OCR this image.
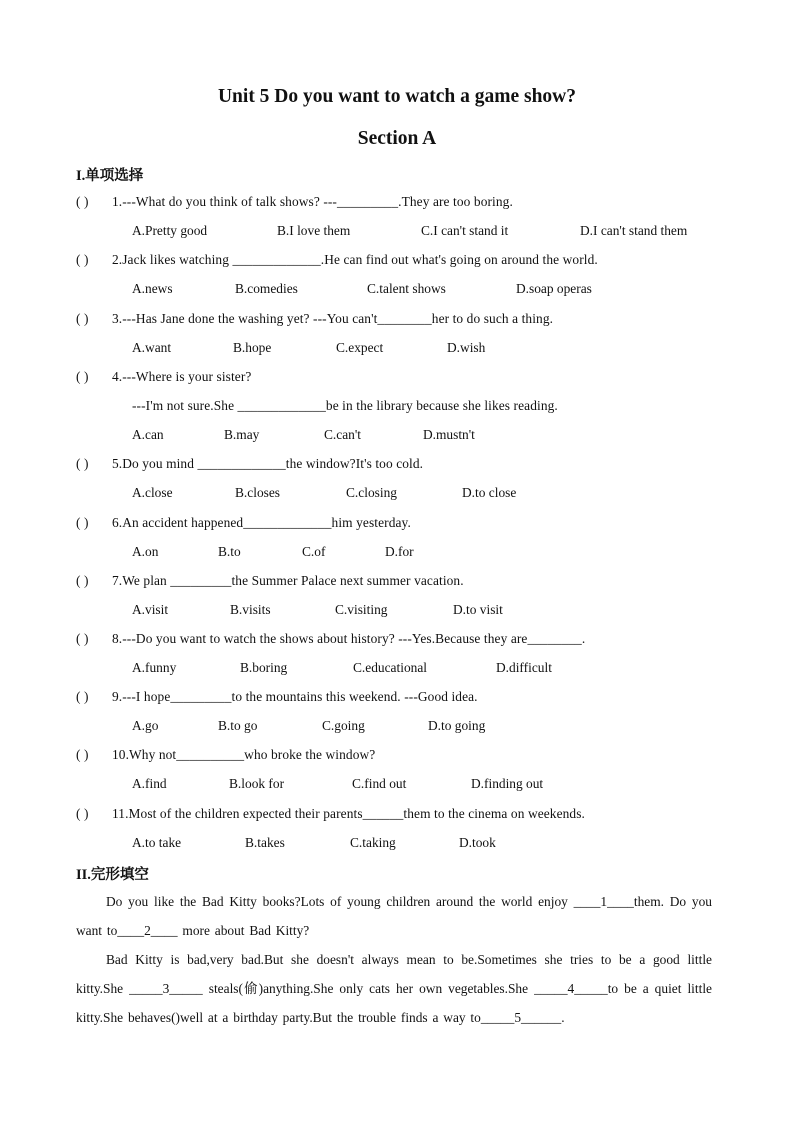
Unit 5 Do you want to watch a game show?
Section A
I.单项选择
( ) 1.---What do you think of talk shows? ---_________.They are too boring.
A.Pretty good	B.I love them	C.I can't stand it	D.I can't stand them
( ) 2.Jack likes watching _____________.He can find out what's going on around the world.
A.news	B.comedies	C.talent shows	D.soap operas
( ) 3.---Has Jane done the washing yet? ---You can't________her to do such a thing.
A.want	B.hope	C.expect	D.wish
( ) 4.---Where is your sister?
---I'm not sure.She _____________be in the library because she likes reading.
A.can	B.may	C.can't	D.mustn't
( ) 5.Do you mind _____________the window?It's too cold.
A.close	B.closes	C.closing	D.to close
( ) 6.An accident happened_____________him yesterday.
A.on	B.to	C.of	D.for
( ) 7.We plan _________the Summer Palace next summer vacation.
A.visit	B.visits	C.visiting	D.to visit
( ) 8.---Do you want to watch the shows about history? ---Yes.Because they are________.
A.funny	B.boring	C.educational	D.difficult
( ) 9.---I hope_________to the mountains this weekend. ---Good idea.
A.go	B.to go	C.going	D.to going
( ) 10.Why not__________who broke the window?
A.find	B.look for	C.find out	D.finding out
( ) 11.Most of the children expected their parents______them to the cinema on weekends.
A.to take	B.takes	C.taking	D.took
II.完形填空
Do you like the Bad Kitty books?Lots of young children around the world enjoy ____1____them. Do you want to____2____ more about Bad Kitty?
Bad Kitty is bad,very bad.But she doesn't always mean to be.Sometimes she tries to be a good little kitty.She _____3_____ steals(偷)anything.She only cats her own vegetables.She _____4_____to be a quiet little kitty.She behaves()well at a birthday party.But the trouble finds a way to_____5______.
